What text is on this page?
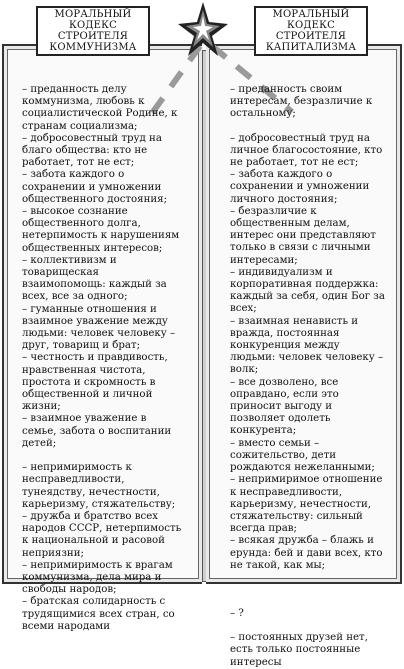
МОРАЛЬНЫЙ КОДЕКС СТРОИТЕЛЯ КОММУНИЗМА
МОРАЛЬНЫЙ КОДЕКС СТРОИТЕЛЯ КАПИТАЛИЗМА
– преданность делу коммунизма, любовь к социалистической Родине, к странам социализма;
– добросовестный труд на благо общества: кто не работает, тот не ест;
– забота каждого о сохранении и умножении общественного достояния;
– высокое сознание общественного долга, нетерпимость к нарушениям общественных интересов;
– коллективизм и товарищеская взаимопомощь: каждый за всех, все за одного;
– гуманные отношения и взаимное уважение между людьми: человек человеку – друг, товарищ и брат;
– честность и правдивость, нравственная чистота, простота и скромность в общественной и личной жизни;
– взаимное уважение в семье, забота о воспитании детей;
– непримиримость к несправедливости, тунеядству, нечестности, карьеризму, стяжательству;
– дружба и братство всех народов СССР, нетерпимость к национальной и расовой неприязни;
– непримиримость к врагам коммунизма, дела мира и свободы народов;
– братская солидарность с трудящимися всех стран, со всеми народами
– преданность своим интересам, безразличие к остальному;
– добросовестный труд на личное благосостояние, кто не работает, тот не ест;
– забота каждого о сохранении и умножении личного достояния;
– безразличие к общественным делам, интерес они представляют только в связи с личными интересами;
– индивидуализм и корпоративная поддержка: каждый за себя, один Бог за всех;
– взаимная ненависть и вражда, постоянная конкуренция между людьми: человек человеку – волк;
– все дозволено, все оправдано, если это приносит выгоду и позволяет одолеть конкурента;
– вместо семьи – сожительство, дети рождаются нежеланными;
– непримиримое отношение к несправедливости, карьеризму, нечестности, стяжательству: сильный всегда прав;
– всякая дружба – блажь и ерунда: бей и дави всех, кто не такой, как мы;
– ?
– постоянных друзей нет, есть только постоянные интересы
